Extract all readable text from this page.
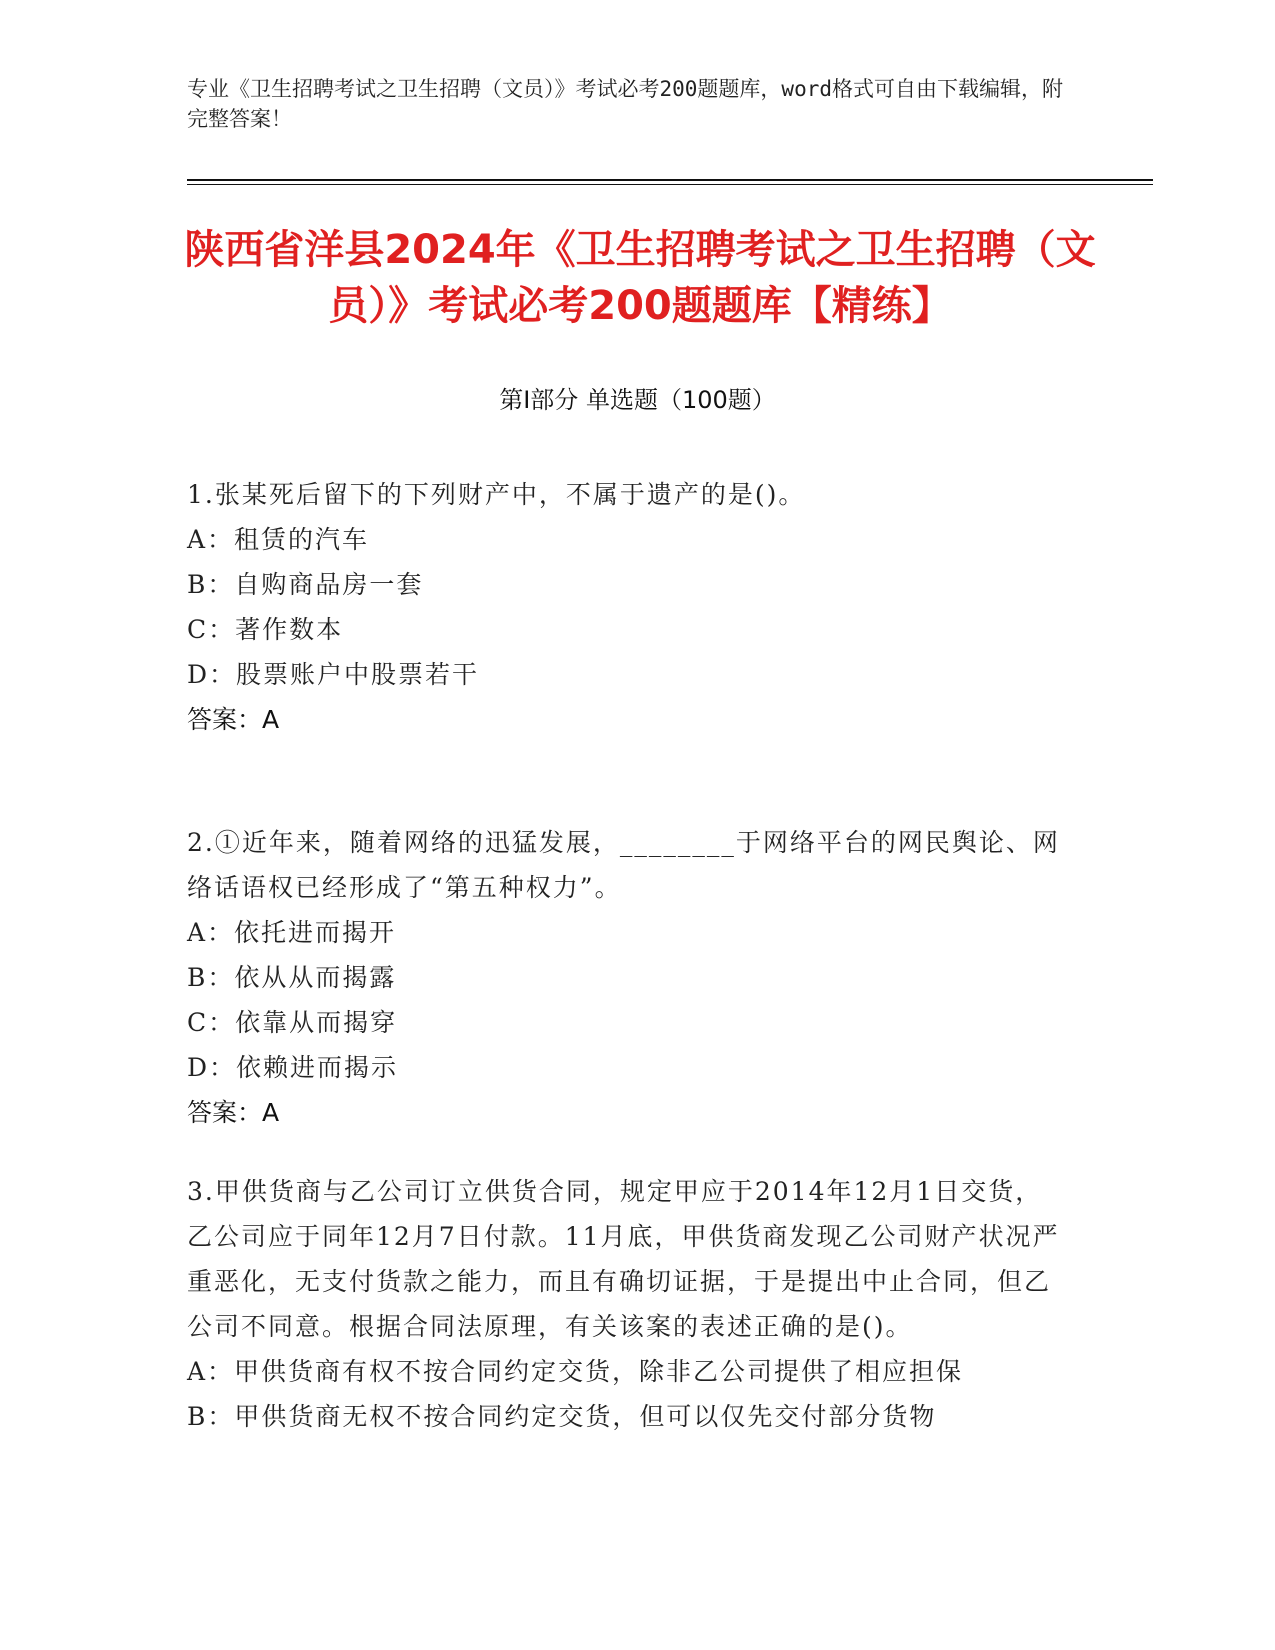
专业《卫生招聘考试之卫生招聘（文员）》考试必考200题题库，word格式可自由下载编辑，附完整答案！
陕西省洋县2024年《卫生招聘考试之卫生招聘（文员）》考试必考200题题库【精练】
第Ⅰ部分 单选题（100题）
1.张某死后留下的下列财产中，不属于遗产的是()。
A：租赁的汽车
B：自购商品房一套
C：著作数本
D：股票账户中股票若干
答案：A
2.①近年来，随着网络的迅猛发展，________于网络平台的网民舆论、网络话语权已经形成了“第五种权力”。
A：依托进而揭开
B：依从从而揭露
C：依靠从而揭穿
D：依赖进而揭示
答案：A
3.甲供货商与乙公司订立供货合同，规定甲应于2014年12月1日交货，乙公司应于同年12月7日付款。11月底，甲供货商发现乙公司财产状况严重恶化，无支付货款之能力，而且有确切证据，于是提出中止合同，但乙公司不同意。根据合同法原理，有关该案的表述正确的是()。
A：甲供货商有权不按合同约定交货，除非乙公司提供了相应担保
B：甲供货商无权不按合同约定交货，但可以仅先交付部分货物
